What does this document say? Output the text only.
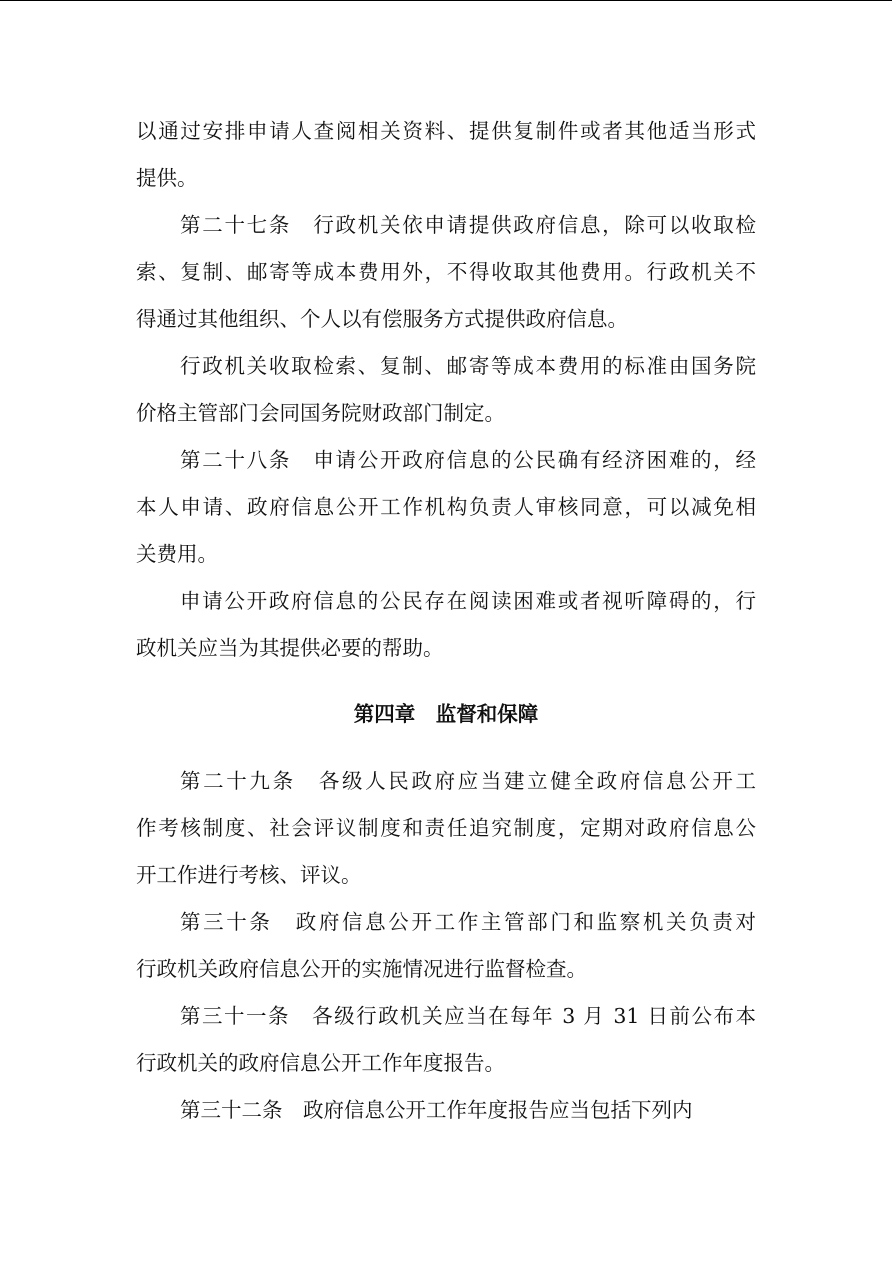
以通过安排申请人查阅相关资料、提供复制件或者其他适当形式
提供。
第二十七条　行政机关依申请提供政府信息，除可以收取检
索、复制、邮寄等成本费用外，不得收取其他费用。行政机关不
得通过其他组织、个人以有偿服务方式提供政府信息。
行政机关收取检索、复制、邮寄等成本费用的标准由国务院
价格主管部门会同国务院财政部门制定。
第二十八条　申请公开政府信息的公民确有经济困难的，经
本人申请、政府信息公开工作机构负责人审核同意，可以减免相
关费用。
申请公开政府信息的公民存在阅读困难或者视听障碍的，行
政机关应当为其提供必要的帮助。
第四章　监督和保障
第二十九条　各级人民政府应当建立健全政府信息公开工
作考核制度、社会评议制度和责任追究制度，定期对政府信息公
开工作进行考核、评议。
第三十条　政府信息公开工作主管部门和监察机关负责对
行政机关政府信息公开的实施情况进行监督检查。
第三十一条　各级行政机关应当在每年 3 月 31 日前公布本
行政机关的政府信息公开工作年度报告。
第三十二条　政府信息公开工作年度报告应当包括下列内
